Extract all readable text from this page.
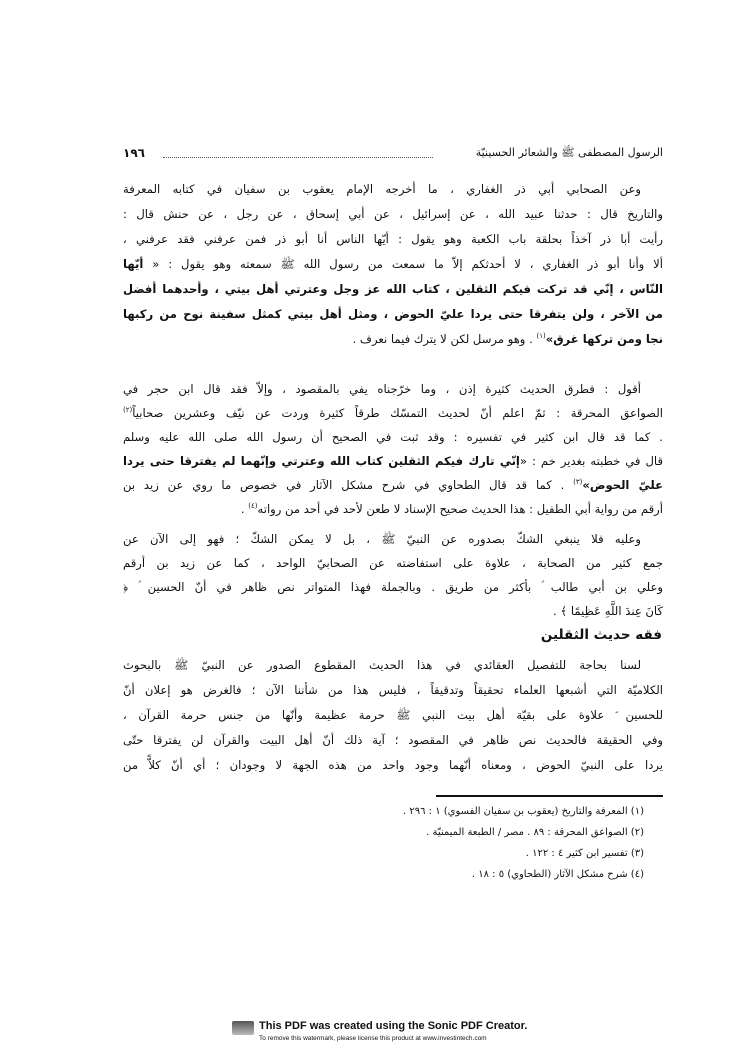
١٩٦	الرسول المصطفى ﷺ والشعائر الحسينيّة
وعن الصحابي أبي ذر الغفاري ، ما أخرجه الإمام يعقوب بن سفيان في كتابه المعرفة
والتاريخ قال : حدثنا عبيد الله ، عن إسرائيل ، عن أبي إسحاق ، عن رجل ، عن حنش قال :
رأيت أبا ذر آخذاً بحلقة باب الكعبة وهو يقول : أيّها الناس أنا أبو ذر فمن عرفني فقد عرفني ،
ألا وأنا أبو ذر الغفاري ، لا أحدثكم إلاّ ما سمعت من رسول الله ﷺ سمعته وهو يقول : « أيّها
النّاس ، إنّي قد تركت فيكم الثقلين ، كتاب الله عز وجل وعترتي أهل بيتي ، وأحدهما أفضل
من الآخر ، ولن يتفرقا حتى يردا عليّ الحوض ، ومثل أهل بيتي كمثل سفينة نوح من ركبها
نجا ومن تركها غرق»$^{(١)}$ . وهو مرسل لكن لا يترك فيما نعرف .
أقول : فطرق الحديث كثيرة إذن ، وما خرّجناه يفي بالمقصود ، وإلاّ فقد قال ابن حجر في
الصواعق المحرقة : ثمّ اعلم أنّ لحديث التمسّك طرقاً كثيرة وردت عن نيّف وعشرين صحابياً$^{(٢)}$
. كما قد قال ابن كثير في تفسيره : وقد ثبت في الصحيح أن رسول الله صلى الله عليه وسلم
قال في خطبته بغدير خم : «إنّي تارك فيكم الثقلين كتاب الله وعترتي وإنّهما لم يفترقا حتى يردا
عليّ الحوض»$^{(٣)}$ . كما قد قال الطحاوي في شرح مشكل الآثار في خصوص ما روي عن زيد بن
أرقم من رواية أبي الطفيل : هذا الحديث صحيح الإسناد لا طعن لأحد في أحد من رواته$^{(٤)}$ .
وعليه فلا ينبغي الشكّ بصدوره عن النبيّ ﷺ ، بل لا يمكن الشكّ ؛ فهو إلى الآن عن
جمع كثير من الصحابة ، علاوة على استفاضته عن الصحابيّ الواحد ، كما عن زيد بن أرقم
وعلي بن أبي طالب ؑ بأكثر من طريق . وبالجملة فهذا المتواتر نص ظاهر في أنّ الحسين ؑ ﴿
كَانَ عِندَ اللَّهِ عَظِيمًا ﴾ .
لسنا بحاجة للتفصيل العقائدي في هذا الحديث المقطوع الصدور عن النبيّ ﷺ بالبحوث
الكلاميّة التي أشبعها العلماء تحقيقاً وتدقيقاً ، فليس هذا من شأننا الآن ؛ فالغرض هو إعلان أنّ
للحسين ؑ علاوة على بقيّة أهل بيت النبي ﷺ حرمة عظيمة وأنّها من جنس حرمة القرآن ،
وفي الحقيقة فالحديث نص ظاهر في المقصود ؛ آية ذلك أنّ أهل البيت والقرآن لن يفترقا حتّى
يردا على النبيّ الحوض ، ومعناه أنّهما وجود واحد من هذه الجهة لا وجودان ؛ أي أنّ كلاًّ من
فقه حديث الثقلين
(١) المعرفة والتاريخ (يعقوب بن سفيان الفسوي) ١ : ٢٩٦ .
(٢) الصواعق المحرقة : ٨٩ . مصر / الطبعة الميمنيّة .
(٣) تفسير ابن كثير ٤ : ١٢٢ .
(٤) شرح مشكل الآثار (الطحاوي) ٥ : ١٨ .
This PDF was created using the Sonic PDF Creator.
To remove this watermark, please license this product at www.investintech.com
